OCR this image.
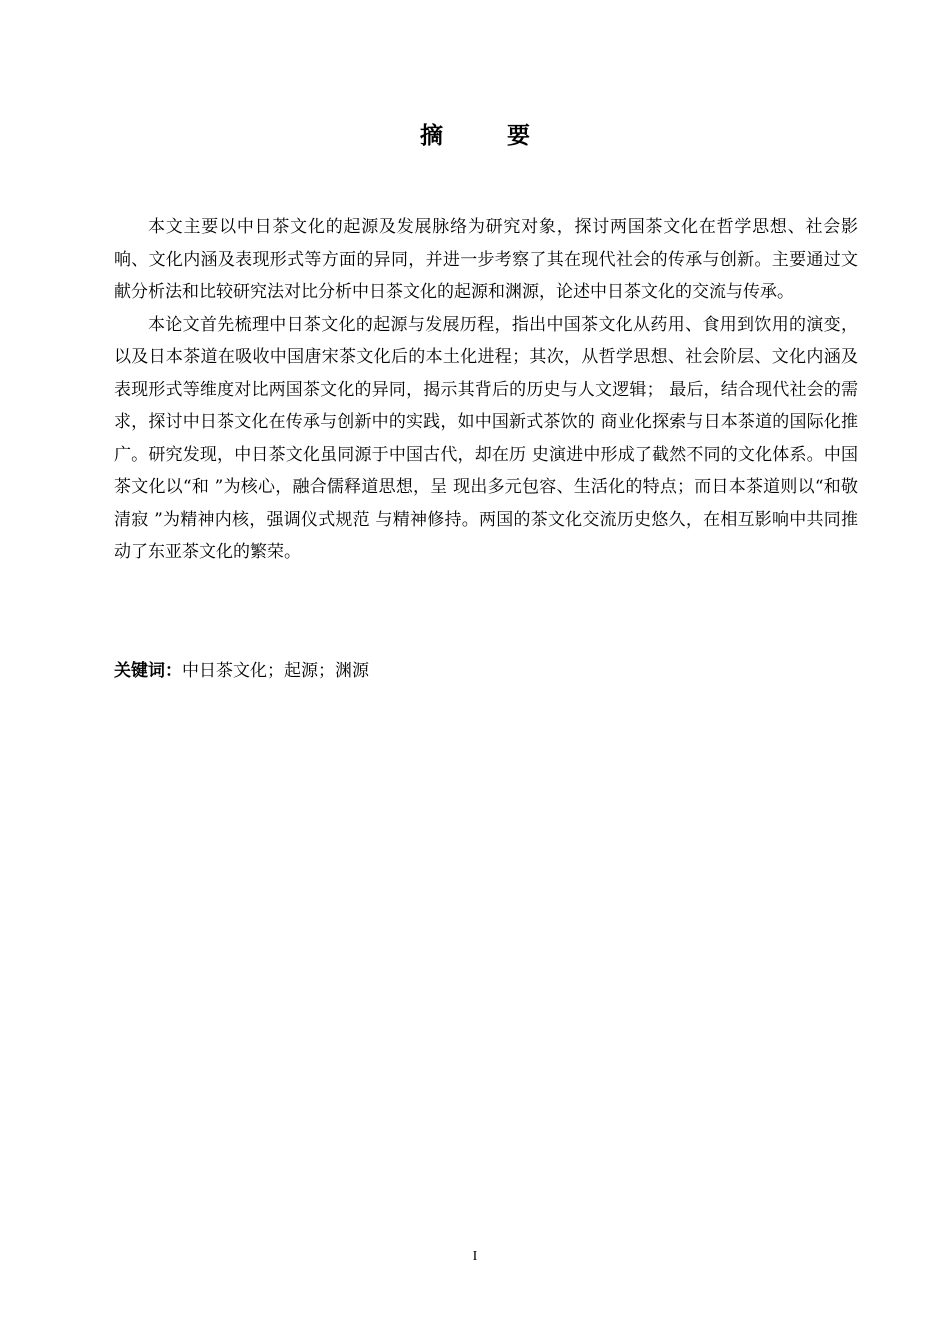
摘 要

本文主要以中日茶文化的起源及发展脉络为研究对象，探讨两国茶文化在哲学思想、社会影响、文化内涵及表现形式等方面的异同，并进一步考察了其在现代社会的传承与创新。主要通过文献分析法和比较研究法对比分析中日茶文化的起源和渊源，论述中日茶文化的交流与传承。

本论文首先梳理中日茶文化的起源与发展历程，指出中国茶文化从药用、食用到饮用的演变，以及日本茶道在吸收中国唐宋茶文化后的本土化进程；其次，从哲学思想、社会阶层、文化内涵及表现形式等维度对比两国茶文化的异同，揭示其背后的历史与人文逻辑； 最后，结合现代社会的需求，探讨中日茶文化在传承与创新中的实践，如中国新式茶饮的 商业化探索与日本茶道的国际化推广。研究发现，中日茶文化虽同源于中国古代，却在历 史演进中形成了截然不同的文化体系。中国茶文化以“和 ”为核心，融合儒释道思想，呈 现出多元包容、生活化的特点；而日本茶道则以“和敬清寂 ”为精神内核，强调仪式规范 与精神修持。两国的茶文化交流历史悠久，在相互影响中共同推动了东亚茶文化的繁荣。

关键词：中日茶文化；起源；渊源
I
